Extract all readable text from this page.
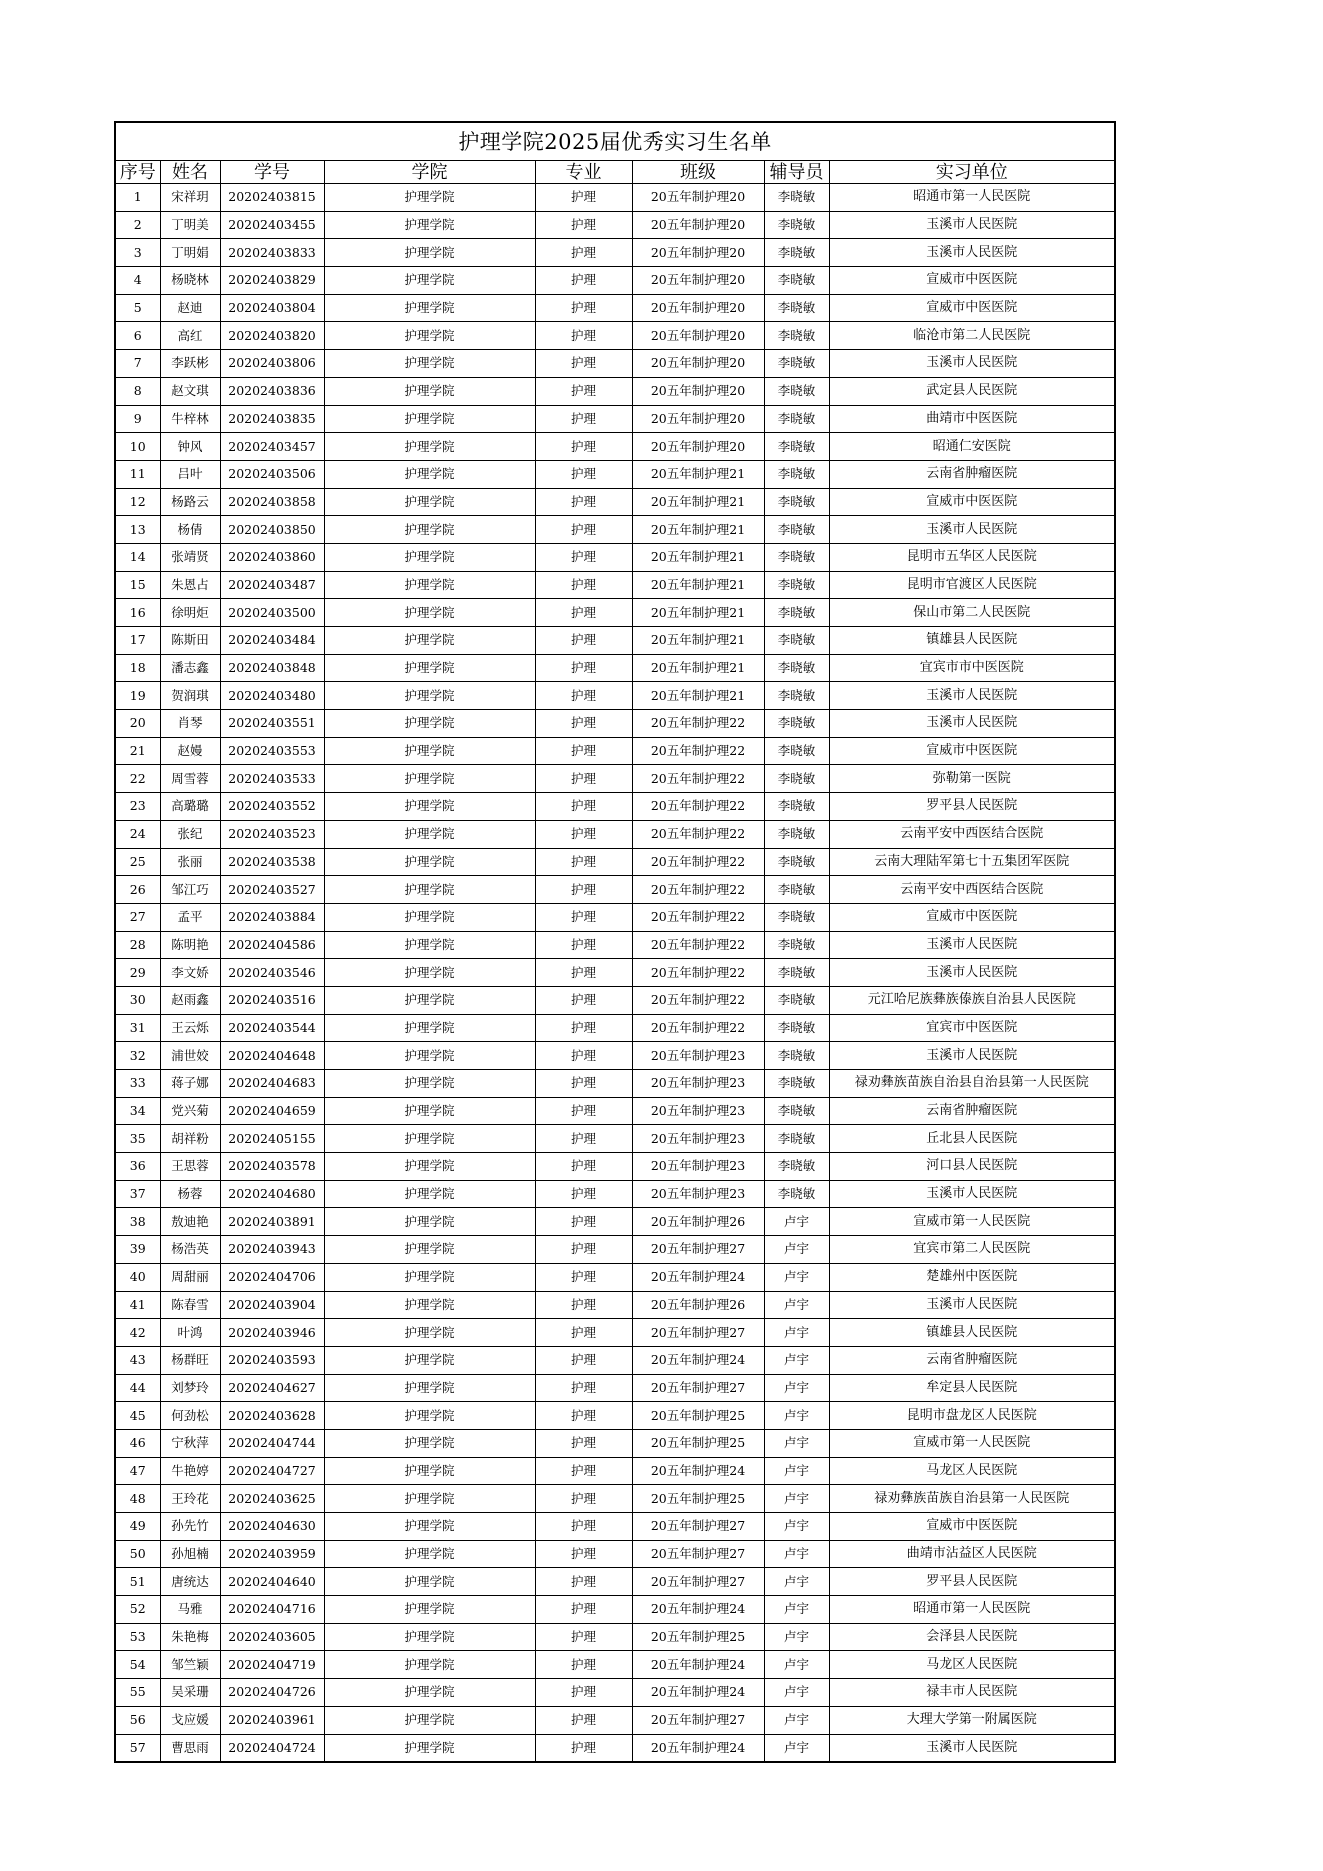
护理学院2025届优秀实习生名单							
序号	姓名	学号	学院	专业	班级	辅导员	实习单位
1	宋祥玥	20202403815	护理学院	护理	20五年制护理20	李晓敏	昭通市第一人民医院
2	丁明美	20202403455	护理学院	护理	20五年制护理20	李晓敏	玉溪市人民医院
3	丁明娟	20202403833	护理学院	护理	20五年制护理20	李晓敏	玉溪市人民医院
4	杨晓林	20202403829	护理学院	护理	20五年制护理20	李晓敏	宣威市中医医院
5	赵迪	20202403804	护理学院	护理	20五年制护理20	李晓敏	宣威市中医医院
6	高红	20202403820	护理学院	护理	20五年制护理20	李晓敏	临沧市第二人民医院
7	李跃彬	20202403806	护理学院	护理	20五年制护理20	李晓敏	玉溪市人民医院
8	赵文琪	20202403836	护理学院	护理	20五年制护理20	李晓敏	武定县人民医院
9	牛梓林	20202403835	护理学院	护理	20五年制护理20	李晓敏	曲靖市中医医院
10	钟风	20202403457	护理学院	护理	20五年制护理20	李晓敏	昭通仁安医院
11	吕叶	20202403506	护理学院	护理	20五年制护理21	李晓敏	云南省肿瘤医院
12	杨路云	20202403858	护理学院	护理	20五年制护理21	李晓敏	宣威市中医医院
13	杨倩	20202403850	护理学院	护理	20五年制护理21	李晓敏	玉溪市人民医院
14	张靖贤	20202403860	护理学院	护理	20五年制护理21	李晓敏	昆明市五华区人民医院
15	朱恩占	20202403487	护理学院	护理	20五年制护理21	李晓敏	昆明市官渡区人民医院
16	徐明炬	20202403500	护理学院	护理	20五年制护理21	李晓敏	保山市第二人民医院
17	陈斯田	20202403484	护理学院	护理	20五年制护理21	李晓敏	镇雄县人民医院
18	潘志鑫	20202403848	护理学院	护理	20五年制护理21	李晓敏	宜宾市市中医医院
19	贺润琪	20202403480	护理学院	护理	20五年制护理21	李晓敏	玉溪市人民医院
20	肖琴	20202403551	护理学院	护理	20五年制护理22	李晓敏	玉溪市人民医院
21	赵嫚	20202403553	护理学院	护理	20五年制护理22	李晓敏	宣威市中医医院
22	周雪蓉	20202403533	护理学院	护理	20五年制护理22	李晓敏	弥勒第一医院
23	高璐璐	20202403552	护理学院	护理	20五年制护理22	李晓敏	罗平县人民医院
24	张纪	20202403523	护理学院	护理	20五年制护理22	李晓敏	云南平安中西医结合医院
25	张丽	20202403538	护理学院	护理	20五年制护理22	李晓敏	云南大理陆军第七十五集团军医院
26	邹江巧	20202403527	护理学院	护理	20五年制护理22	李晓敏	云南平安中西医结合医院
27	孟平	20202403884	护理学院	护理	20五年制护理22	李晓敏	宣威市中医医院
28	陈明艳	20202404586	护理学院	护理	20五年制护理22	李晓敏	玉溪市人民医院
29	李文娇	20202403546	护理学院	护理	20五年制护理22	李晓敏	玉溪市人民医院
30	赵雨鑫	20202403516	护理学院	护理	20五年制护理22	李晓敏	元江哈尼族彝族傣族自治县人民医院
31	王云烁	20202403544	护理学院	护理	20五年制护理22	李晓敏	宜宾市中医医院
32	浦世姣	20202404648	护理学院	护理	20五年制护理23	李晓敏	玉溪市人民医院
33	蒋子娜	20202404683	护理学院	护理	20五年制护理23	李晓敏	禄劝彝族苗族自治县自治县第一人民医院
34	党兴菊	20202404659	护理学院	护理	20五年制护理23	李晓敏	云南省肿瘤医院
35	胡祥粉	20202405155	护理学院	护理	20五年制护理23	李晓敏	丘北县人民医院
36	王思蓉	20202403578	护理学院	护理	20五年制护理23	李晓敏	河口县人民医院
37	杨蓉	20202404680	护理学院	护理	20五年制护理23	李晓敏	玉溪市人民医院
38	敖迪艳	20202403891	护理学院	护理	20五年制护理26	卢宇	宣威市第一人民医院
39	杨浩英	20202403943	护理学院	护理	20五年制护理27	卢宇	宜宾市第二人民医院
40	周甜丽	20202404706	护理学院	护理	20五年制护理24	卢宇	楚雄州中医医院
41	陈春雪	20202403904	护理学院	护理	20五年制护理26	卢宇	玉溪市人民医院
42	叶鸿	20202403946	护理学院	护理	20五年制护理27	卢宇	镇雄县人民医院
43	杨群旺	20202403593	护理学院	护理	20五年制护理24	卢宇	云南省肿瘤医院
44	刘梦玲	20202404627	护理学院	护理	20五年制护理27	卢宇	牟定县人民医院
45	何劲松	20202403628	护理学院	护理	20五年制护理25	卢宇	昆明市盘龙区人民医院
46	宁秋萍	20202404744	护理学院	护理	20五年制护理25	卢宇	宣威市第一人民医院
47	牛艳婷	20202404727	护理学院	护理	20五年制护理24	卢宇	马龙区人民医院
48	王玲花	20202403625	护理学院	护理	20五年制护理25	卢宇	禄劝彝族苗族自治县第一人民医院
49	孙先竹	20202404630	护理学院	护理	20五年制护理27	卢宇	宣威市中医医院
50	孙旭楠	20202403959	护理学院	护理	20五年制护理27	卢宇	曲靖市沾益区人民医院
51	唐统达	20202404640	护理学院	护理	20五年制护理27	卢宇	罗平县人民医院
52	马雅	20202404716	护理学院	护理	20五年制护理24	卢宇	昭通市第一人民医院
53	朱艳梅	20202403605	护理学院	护理	20五年制护理25	卢宇	会泽县人民医院
54	邹竺颖	20202404719	护理学院	护理	20五年制护理24	卢宇	马龙区人民医院
55	吴采珊	20202404726	护理学院	护理	20五年制护理24	卢宇	禄丰市人民医院
56	戈应媛	20202403961	护理学院	护理	20五年制护理27	卢宇	大理大学第一附属医院
57	曹思雨	20202404724	护理学院	护理	20五年制护理24	卢宇	玉溪市人民医院
